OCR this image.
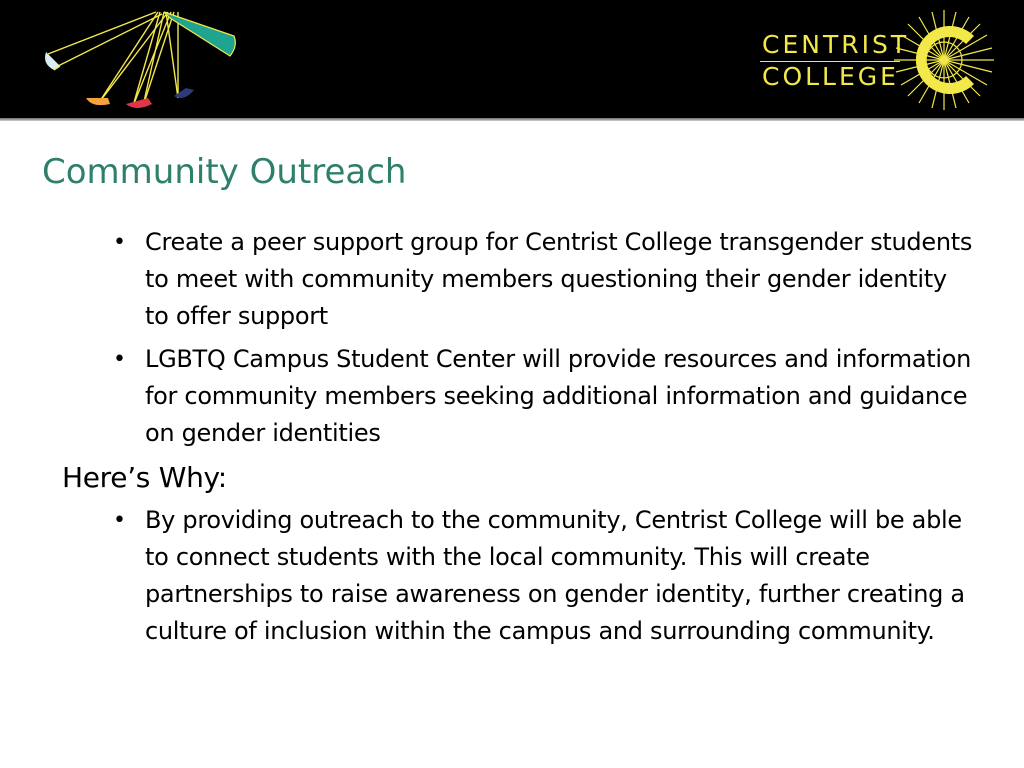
CENTRIST
COLLEGE
Community Outreach
• Create a peer support group for Centrist College transgender students to meet with community members questioning their gender identity to offer support
• LGBTQ Campus Student Center will provide resources and information for community members seeking additional information and guidance on gender identities
Here’s Why:
• By providing outreach to the community, Centrist College will be able to connect students with the local community. This will create partnerships to raise awareness on gender identity, further creating a culture of inclusion within the campus and surrounding community.
